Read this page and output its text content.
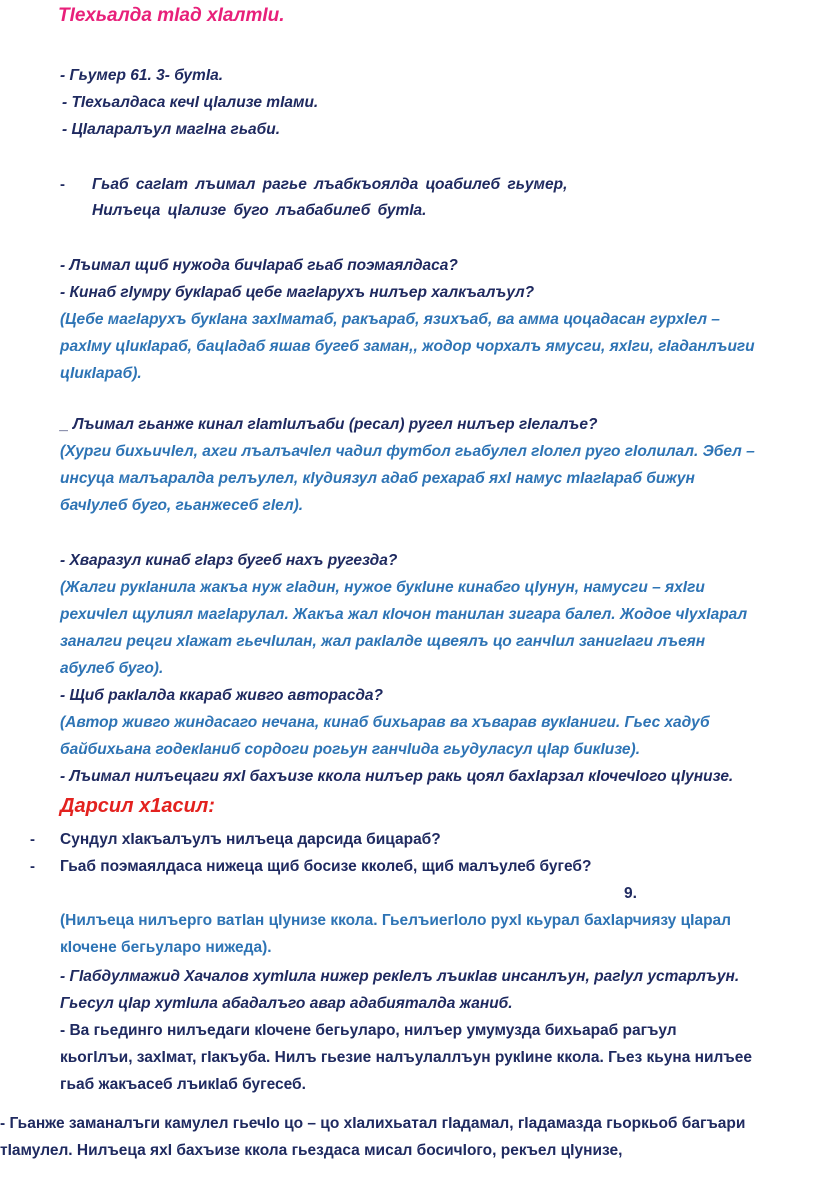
ТIехьалда тIад хIалтIи.
- Гьумер 61. 3- бутIа.
- ТIехьалдаса кечI цIализе тIами.
- ЦIаларалъул магIна гьаби.
- Гьаб сагIат лъимал рагье лъабкъоялда цоабилеб гьумер,
Нилъеца цIализе буго лъабабилеб бутIа.
- Лъимал щиб нужода бичIараб гьаб поэмаялдаса?
- Кинаб гIумру букIараб цебе магIарухъ нилъер халкъалъул?
(Цебе магIарухъ букIана захIматаб, ракъараб, язихъаб, ва амма цоцадасан гурхIел –
рахIму цIикIараб, бацIадаб яшав бугеб заман,, жодор чорхалъ ямусги, яхIги, гIаданлъиги
цIикIараб).
_ Лъимал гьанже кинал гIатIилъаби (ресал) ругел нилъер гIелалъе?
(Хурги бихьичIел, ахги лъалъачIел чадил футбол гьабулел гIолел руго гIолилал. Эбел –
инсуца малъаралда релъулел, кIудиязул адаб рехараб яхI намус тIагIараб бижун
бачIулеб буго, гьанжесеб гIел).
- Хваразул кинаб гIарз бугеб нахъ ругезда?
(Жалги рукIанила жакъа нуж гIадин, нужое букIине кинабго цIунун, намусги – яхIги
рехичIел щулиял магIарулал. Жакъа жал кIочон танилан зигара балел. Жодое чIухIарал
заналги рецги хIажат гьечIилан, жал ракIалде щвеялъ цо ганчIил занигIаги лъеян
абулеб буго).
- Щиб ракIалда ккараб живго авторасда?
(Автор живго жиндасаго нечана, кинаб бихьарав ва хъварав вукIаниги. Гьес хадуб
байбихьана годекIаниб сордоги рогьун ганчIида гьудуласул цIар бикIизе).
- Лъимал нилъецаги яхI бахъизе ккола нилъер ракь цоял бахIарзал кIочечIого цIунизе.
Дарсил х1асил:
- Сундул хIакъалъулъ нилъеца дарсида бицараб?
- Гьаб поэмаялдаса нижеца щиб босизе кколеб, щиб малъулеб бугеб?
9.
(Нилъеца нилъерго ватIан цIунизе ккола. ГьелъиегIоло рухI кьурал бахIарчиязу цIарал
кIочене бегьуларо нижеда).
- ГIабдулмажид Хачалов хутIила нижер рекIелъ лъикIав инсанлъун, рагIул устарлъун.
Гьесул цIар хутIила абадалъго авар адабияталда жаниб.
- Ва гьединго нилъедаги кIочене бегьуларо, нилъер умумузда бихьараб рагъул
кьогIлъи, захIмат, гIакъуба. Нилъ гьезие налъулаллъун рукIине ккола. Гьез кьуна нилъее
гьаб жакъасеб лъикIаб бугесеб.
- Гьанже заманалъги камулел гьечIо цо – цо хIалихьатал гIадамал, гIадамазда гьоркьоб багъари
тIамулел. Нилъеца яхI бахъизе ккола гьездаса мисал босичIого, рекъел цIунизе,
